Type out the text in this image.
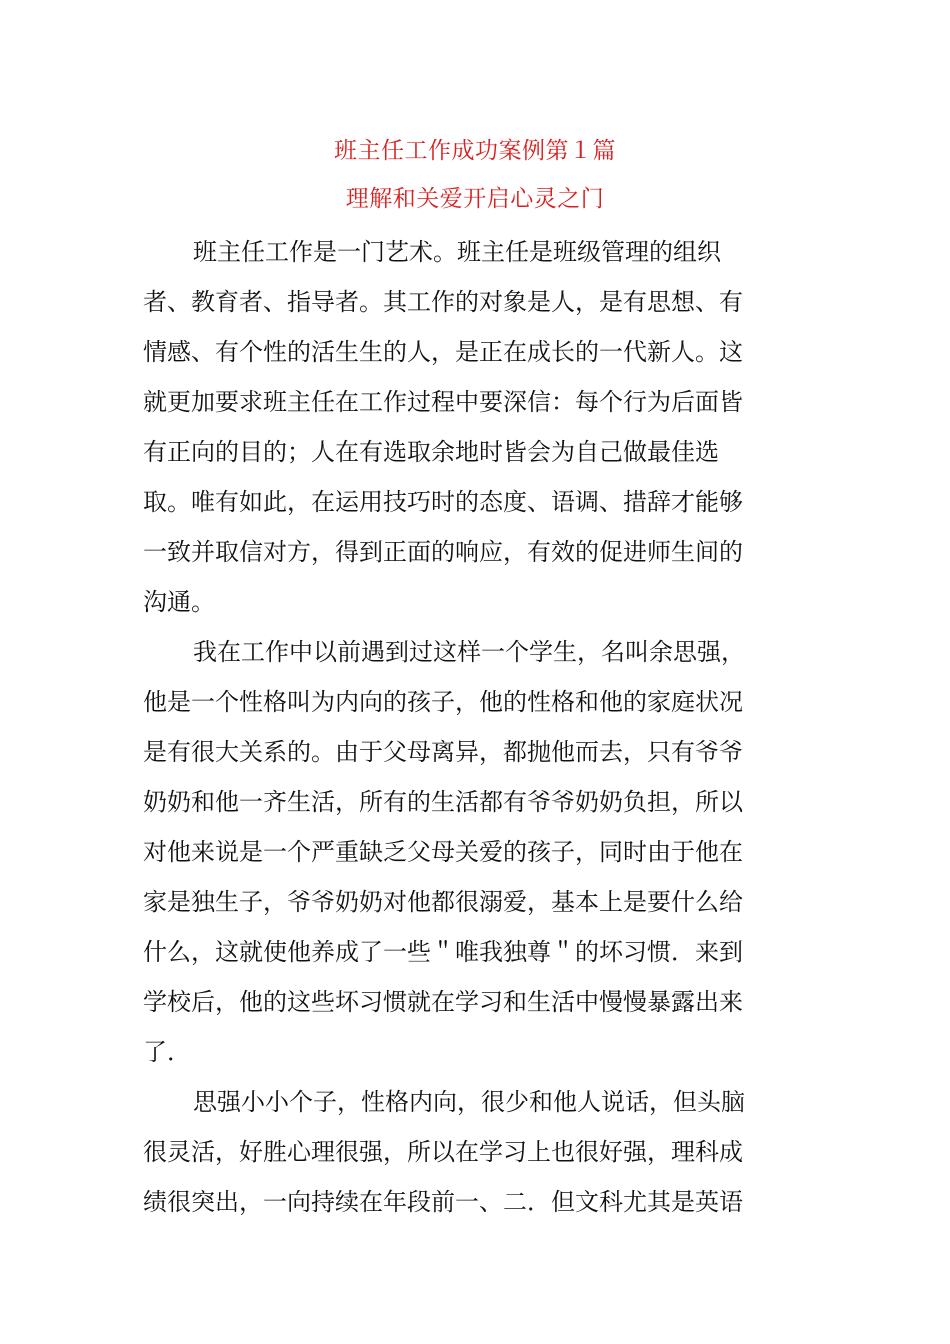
班主任工作成功案例第１篇
理解和关爱开启心灵之门
班主任工作是一门艺术。班主任是班级管理的组织
者、教育者、指导者。其工作的对象是人，是有思想、有
情感、有个性的活生生的人，是正在成长的一代新人。这
就更加要求班主任在工作过程中要深信：每个行为后面皆
有正向的目的；人在有选取余地时皆会为自己做最佳选
取。唯有如此，在运用技巧时的态度、语调、措辞才能够
一致并取信对方，得到正面的响应，有效的促进师生间的
沟通。
我在工作中以前遇到过这样一个学生，名叫余思强，
他是一个性格叫为内向的孩子，他的性格和他的家庭状况
是有很大关系的。由于父母离异，都抛他而去，只有爷爷
奶奶和他一齐生活，所有的生活都有爷爷奶奶负担，所以
对他来说是一个严重缺乏父母关爱的孩子，同时由于他在
家是独生子，爷爷奶奶对他都很溺爱，基本上是要什么给
什么，这就使他养成了一些＂唯我独尊＂的坏习惯．来到
学校后，他的这些坏习惯就在学习和生活中慢慢暴露出来
了．
思强小小个子，性格内向，很少和他人说话，但头脑
很灵活，好胜心理很强，所以在学习上也很好强，理科成
绩很突出，一向持续在年段前一、二．但文科尤其是英语
